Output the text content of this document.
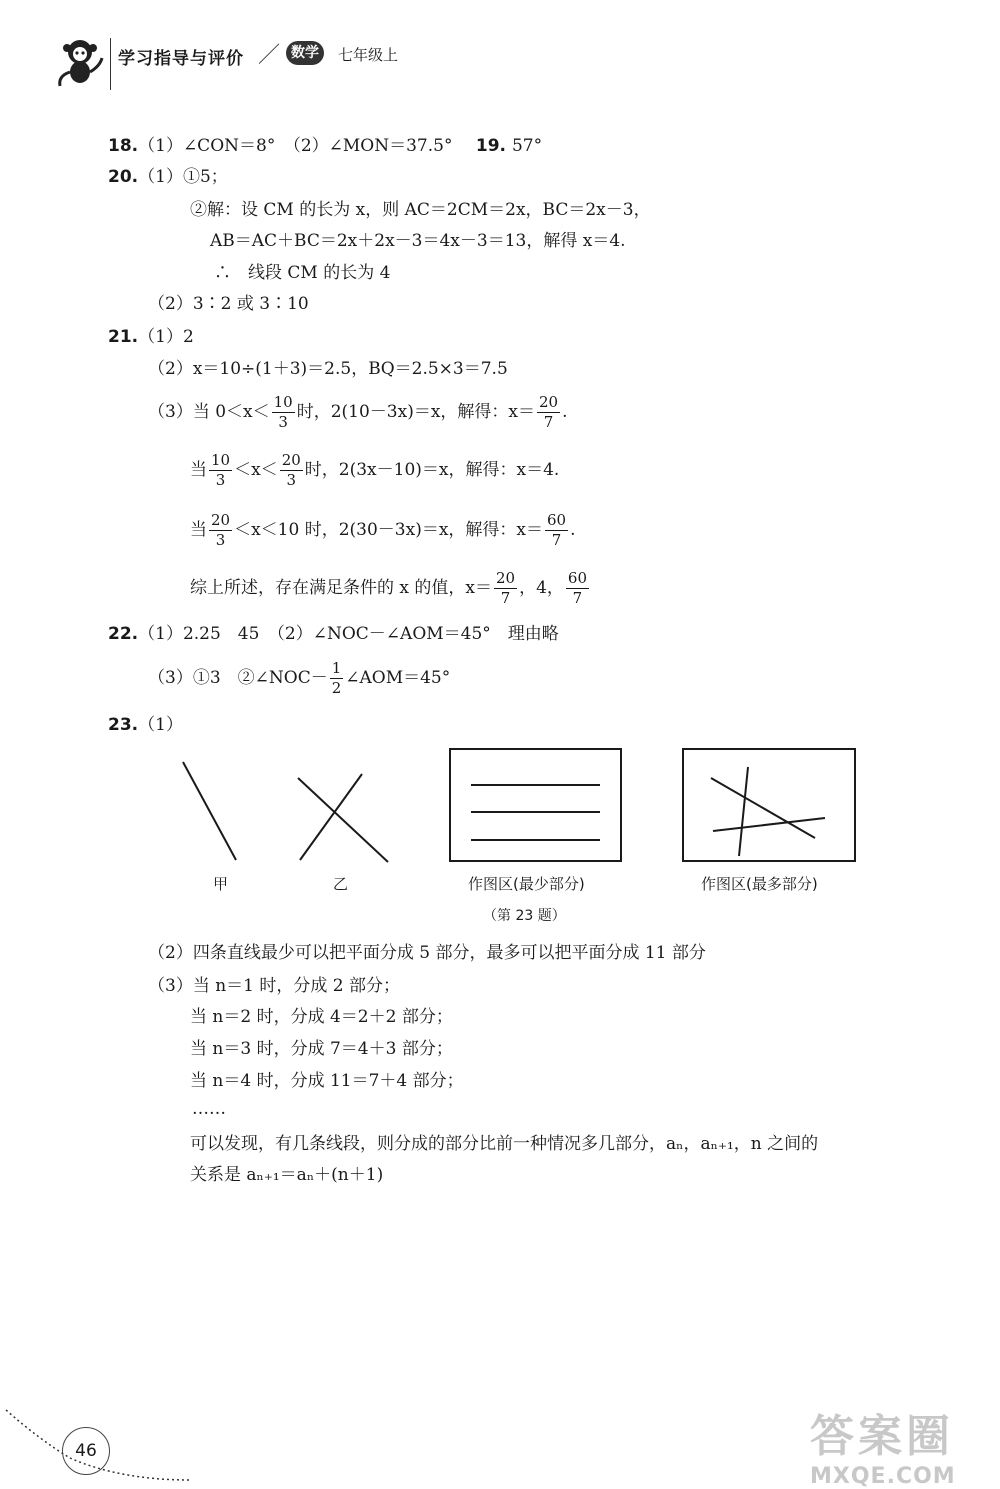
学习指导与评价 ／ 数学	七年级上
18.（1）∠CON＝8°　（2）∠MON＝37.5° 19. 57°
20.（1）①5；
②解：设 CM 的长为 x，则 AC＝2CM＝2x，BC＝2x－3，
AB＝AC＋BC＝2x＋2x－3＝4x－3＝13，解得 x＝4.
∴　线段 CM 的长为 4
（2）3∶2 或 3∶10
21.（1）2
（2）x＝10÷(1＋3)＝2.5，BQ＝2.5×3＝7.5
（3）当 $0<x< \frac{10}{3}$ 时，2(10－3x)＝x，解得：$x= \frac{20}{7}$ .
当 $\frac{10}{3} <x< \frac{20}{3}$ 时，2(3x－10)＝x，解得：x＝4.
当 $\frac{20}{3} <x<10$ 时，2(30－3x)＝x，解得：$x= \frac{60}{7}$ .
综上所述，存在满足条件的 x 的值，$x= \frac{20}{7}$ ，4， $\frac{60}{7}$
22.（1）2.25　45　（2）∠NOC－∠AOM＝45°　理由略
（3）①3　②∠NOC－ $\frac{1}{2}$ ∠AOM＝45°
23.（1）
甲	乙	作图区(最少部分)	作图区(最多部分)
（第 23 题）
（2）四条直线最少可以把平面分成 5 部分，最多可以把平面分成 11 部分
（3）当 n＝1 时，分成 2 部分；
当 n＝2 时，分成 4＝2＋2 部分；
当 n＝3 时，分成 7＝4＋3 部分；
当 n＝4 时，分成 11＝7＋4 部分；
……
可以发现，有几条线段，则分成的部分比前一种情况多几部分，aₙ，aₙ₊₁，n 之间的
关系是 aₙ₊₁＝aₙ＋(n＋1)
46	答案圈
MXQE.COM
